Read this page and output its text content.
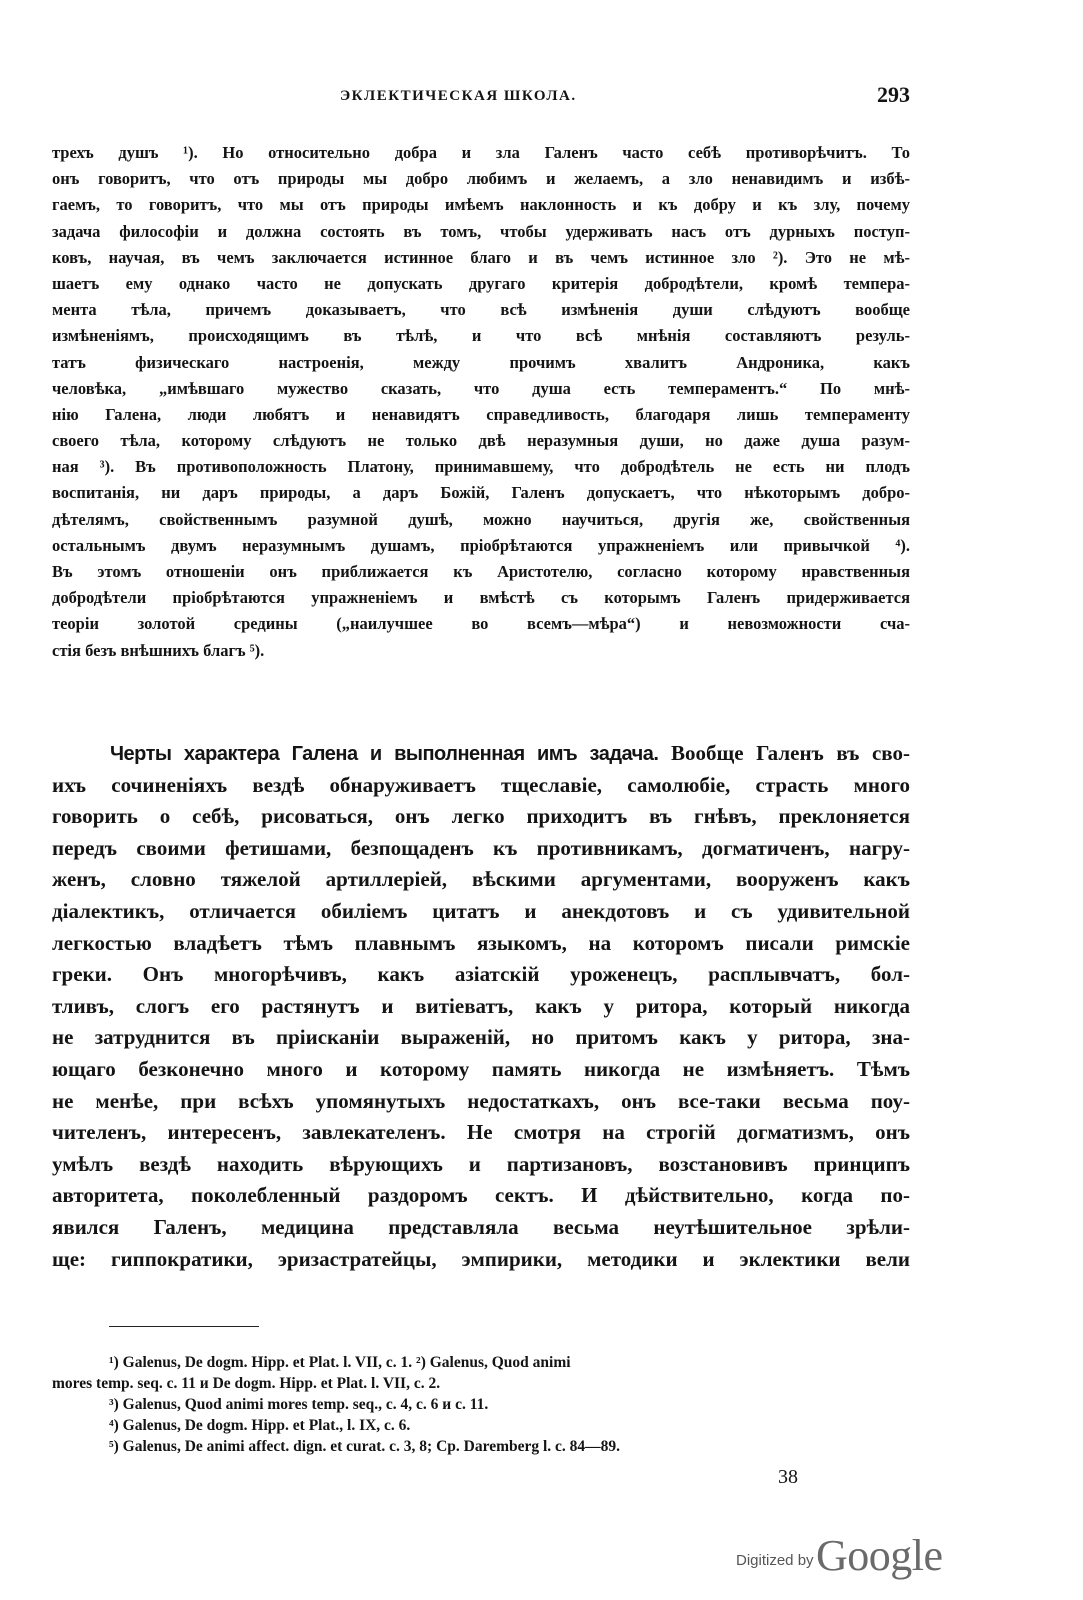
ЭКЛЕКТИЧЕСКАЯ ШКОЛА.	293
трехъ душъ ¹). Но относительно добра и зла Галенъ часто себѣ противорѣчитъ. То
онъ говоритъ, что отъ природы мы добро любимъ и желаемъ, а зло ненавидимъ и избѣ-
гаемъ, то говоритъ, что мы отъ природы имѣемъ наклонность и къ добру и къ злу, почему
задача философіи и должна состоять въ томъ, чтобы удерживать насъ отъ дурныхъ поступ-
ковъ, научая, въ чемъ заключается истинное благо и въ чемъ истинное зло ²). Это не мѣ-
шаетъ ему однако часто не допускать другаго критерія добродѣтели, кромѣ темпера-
мента тѣла, причемъ доказываетъ, что всѣ измѣненія души слѣдуютъ вообще
измѣненіямъ, происходящимъ въ тѣлѣ, и что всѣ мнѣнія составляютъ резуль-
татъ физическаго настроенія, между прочимъ хвалитъ Андроника, какъ
человѣка, „имѣвшаго мужество сказать, что душа есть темпераментъ.“ По мнѣ-
нію Галена, люди любятъ и ненавидятъ справедливость, благодаря лишь темпераменту
своего тѣла, которому слѣдуютъ не только двѣ неразумныя души, но даже душа разум-
ная ³). Въ противоположность Платону, принимавшему, что добродѣтель не есть ни плодъ
воспитанія, ни даръ природы, а даръ Божій, Галенъ допускаетъ, что нѣкоторымъ добро-
дѣтелямъ, свойственнымъ разумной душѣ, можно научиться, другія же, свойственныя
остальнымъ двумъ неразумнымъ душамъ, пріобрѣтаются упражненіемъ или привычкой ⁴).
Въ этомъ отношеніи онъ приближается къ Аристотелю, согласно которому нравственныя
добродѣтели пріобрѣтаются упражненіемъ и вмѣстѣ съ которымъ Галенъ придерживается
теоріи золотой средины („наилучшее во всемъ—мѣра“) и невозможности сча-
стія безъ внѣшнихъ благъ ⁵).
Черты характера Галена и выполненная имъ задача. Вообще Галенъ въ сво-
ихъ сочиненіяхъ вездѣ обнаруживаетъ тщеславіе, самолюбіе, страсть много
говорить о себѣ, рисоваться, онъ легко приходитъ въ гнѣвъ, преклоняется
передъ своими фетишами, безпощаденъ къ противникамъ, догматиченъ, нагру-
женъ, словно тяжелой артиллеріей, вѣскими аргументами, вооруженъ какъ
діалектикъ, отличается обиліемъ цитатъ и анекдотовъ и съ удивительной
легкостью владѣетъ тѣмъ плавнымъ языкомъ, на которомъ писали римскіе
греки. Онъ многорѣчивъ, какъ азіатскій уроженецъ, расплывчатъ, бол-
тливъ, слогъ его растянутъ и витіеватъ, какъ у ритора, который никогда
не затруднится въ прiисканiи выраженій, но притомъ какъ у ритора, зна-
ющаго безконечно много и которому память никогда не измѣняетъ. Тѣмъ
не менѣе, при всѣхъ упомянутыхъ недостаткахъ, онъ все-таки весьма поу-
чителенъ, интересенъ, завлекателенъ. Не смотря на строгій догматизмъ, онъ
умѣлъ вездѣ находить вѣрующихъ и партизановъ, возстановивъ принципъ
авторитета, поколебленный раздоромъ сектъ. И дѣйствительно, когда по-
явился Галенъ, медицина представляла весьма неутѣшительное зрѣли-
ще: гиппократики, эризастратейцы, эмпирики, методики и эклектики вели
¹) Galenus, De dogm. Hipp. et Plat. l. VII, c. 1. ²) Galenus, Quod animi
mores temp. seq. c. 11 и De dogm. Hipp. et Plat. l. VII, c. 2.
³) Galenus, Quod animi mores temp. seq., c. 4, c. 6 и c. 11.
⁴) Galenus, De dogm. Hipp. et Plat., l. IX, c. 6.
⁵) Galenus, De animi affect. dign. et curat. c. 3, 8; Cp. Daremberg l. c. 84—89.
38
Digitized by Google
